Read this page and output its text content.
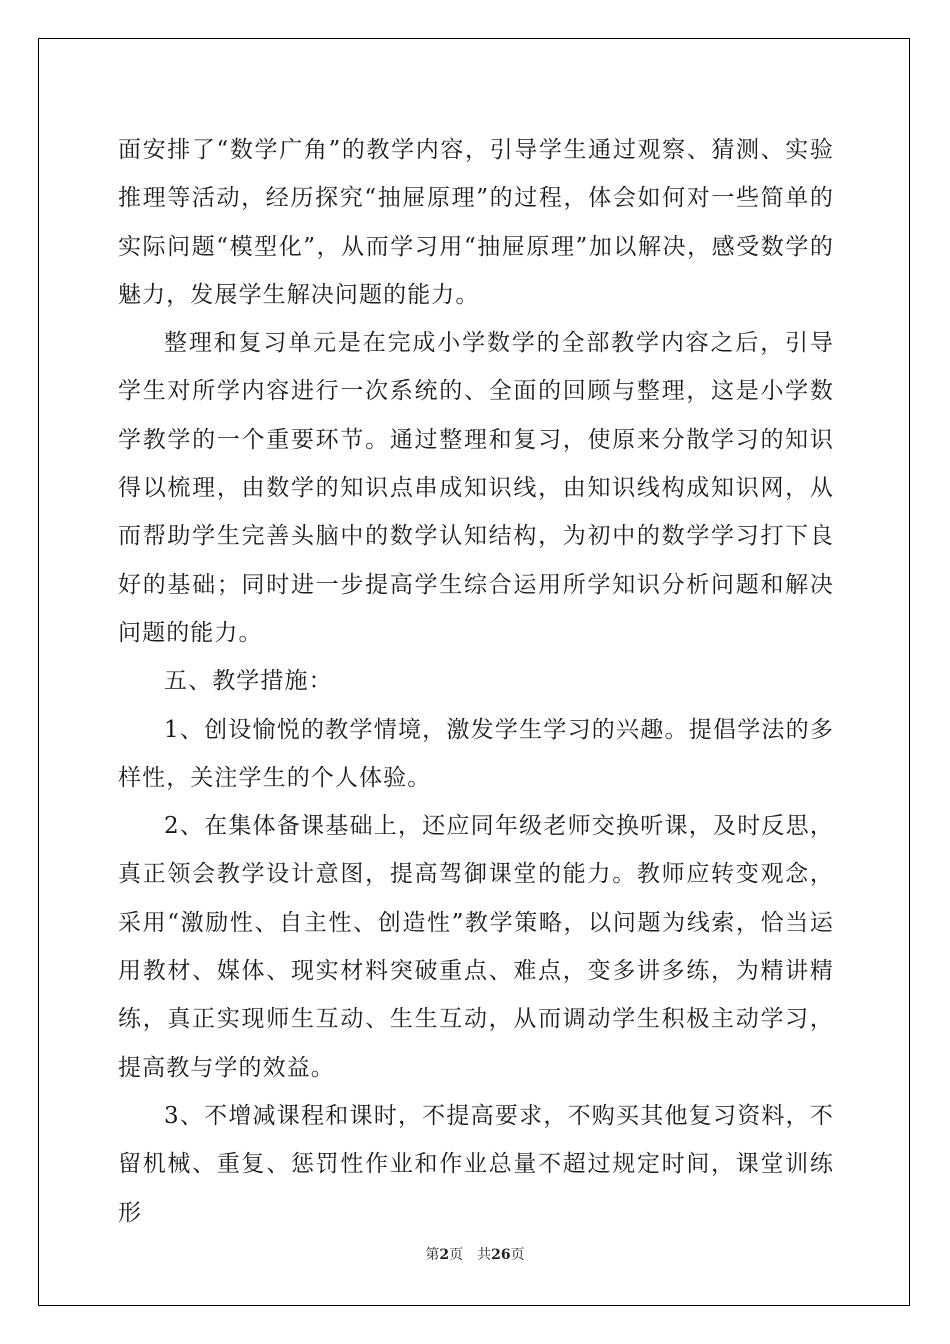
面安排了“数学广角”的教学内容，引导学生通过观察、猜测、实验推理等活动，经历探究“抽屉原理”的过程，体会如何对一些简单的实际问题“模型化”，从而学习用“抽屉原理”加以解决，感受数学的魅力，发展学生解决问题的能力。

整理和复习单元是在完成小学数学的全部教学内容之后，引导学生对所学内容进行一次系统的、全面的回顾与整理，这是小学数学教学的一个重要环节。通过整理和复习，使原来分散学习的知识得以梳理，由数学的知识点串成知识线，由知识线构成知识网，从而帮助学生完善头脑中的数学认知结构，为初中的数学学习打下良好的基础；同时进一步提高学生综合运用所学知识分析问题和解决问题的能力。

五、教学措施：

1、创设愉悦的教学情境，激发学生学习的兴趣。提倡学法的多样性，关注学生的个人体验。

2、在集体备课基础上，还应同年级老师交换听课，及时反思，真正领会教学设计意图，提高驾御课堂的能力。教师应转变观念，采用“激励性、自主性、创造性”教学策略，以问题为线索，恰当运用教材、媒体、现实材料突破重点、难点，变多讲多练，为精讲精练，真正实现师生互动、生生互动，从而调动学生积极主动学习，提高教与学的效益。

3、不增减课程和课时，不提高要求，不购买其他复习资料，不留机械、重复、惩罚性作业和作业总量不超过规定时间，课堂训练形

第2页 共26页
